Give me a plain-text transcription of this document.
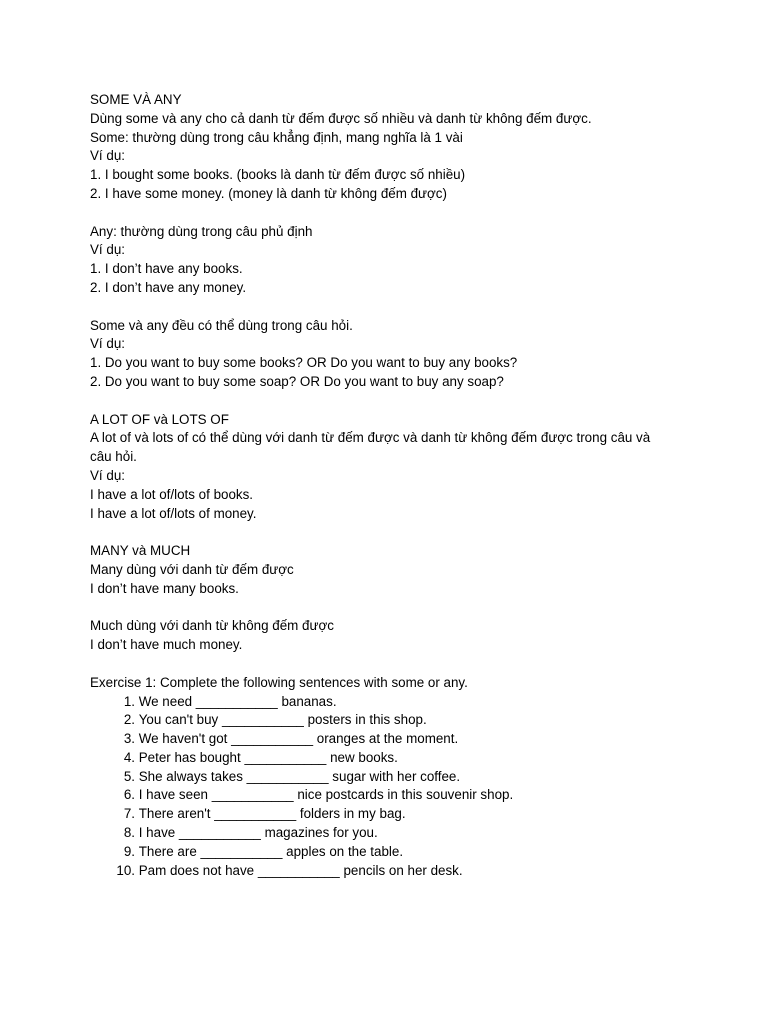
SOME VÀ ANY
Dùng some và any cho cả danh từ đếm được số nhiều và danh từ không đếm được.
Some: thường dùng trong câu khẳng định, mang nghĩa là 1 vài
Ví dụ:
1. I bought some books. (books là danh từ đếm được số nhiều)
2. I have some money. (money là danh từ không đếm được)
Any: thường dùng trong câu phủ định
Ví dụ:
1. I don’t have any books.
2. I don’t have any money.
Some và any đều có thể dùng trong câu hỏi.
Ví dụ:
1. Do you want to buy some books? OR Do you want to buy any books?
2. Do you want to buy some soap? OR Do you want to buy any soap?
A LOT OF và LOTS OF
A lot of và lots of có thể dùng với danh từ đếm được và danh từ không đếm được trong câu và
câu hỏi.
Ví dụ:
I have a lot of/lots of books.
I have a lot of/lots of money.
MANY và MUCH
Many dùng với danh từ đếm được
I don’t have many books.
Much dùng với danh từ không đếm được
I don’t have much money.
Exercise 1: Complete the following sentences with some or any.
1. We need ___________ bananas.
2. You can't buy ___________ posters in this shop.
3. We haven't got ___________ oranges at the moment.
4. Peter has bought ___________ new books.
5. She always takes ___________ sugar with her coffee.
6. I have seen ___________ nice postcards in this souvenir shop.
7. There aren't ___________ folders in my bag.
8. I have ___________ magazines for you.
9. There are ___________ apples on the table.
10. Pam does not have ___________ pencils on her desk.
